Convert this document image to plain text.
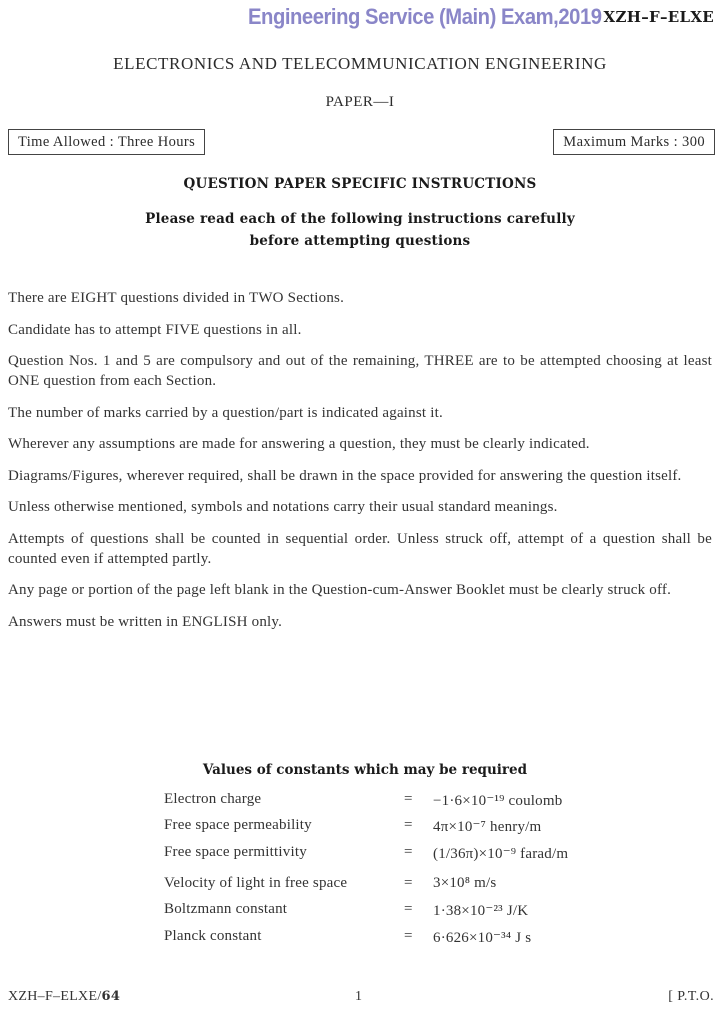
Engineering Service (Main) Exam,2019 XZH–F–ELXE
ELECTRONICS AND TELECOMMUNICATION ENGINEERING
PAPER—I
Time Allowed : Three Hours	Maximum Marks : 300
QUESTION PAPER SPECIFIC INSTRUCTIONS
Please read each of the following instructions carefully
before attempting questions

There are EIGHT questions divided in TWO Sections.

Candidate has to attempt FIVE questions in all.

Question Nos. 1 and 5 are compulsory and out of the remaining, THREE are to be attempted choosing at least ONE question from each Section.

The number of marks carried by a question/part is indicated against it.

Wherever any assumptions are made for answering a question, they must be clearly indicated.

Diagrams/Figures, wherever required, shall be drawn in the space provided for answering the question itself.

Unless otherwise mentioned, symbols and notations carry their usual standard meanings.

Attempts of questions shall be counted in sequential order. Unless struck off, attempt of a question shall be counted even if attempted partly.

Any page or portion of the page left blank in the Question-cum-Answer Booklet must be clearly struck off.

Answers must be written in ENGLISH only.

Values of constants which may be required
Electron charge	= −1·6×10⁻¹⁹ coulomb
Free space permeability	= 4π×10⁻⁷ henry/m
Free space permittivity	= (1/36π)×10⁻⁹ farad/m
Velocity of light in free space	= 3×10⁸ m/s
Boltzmann constant	= 1·38×10⁻²³ J/K
Planck constant	= 6·626×10⁻³⁴ J s
XZH–F–ELXE/64	1	[ P.T.O.
